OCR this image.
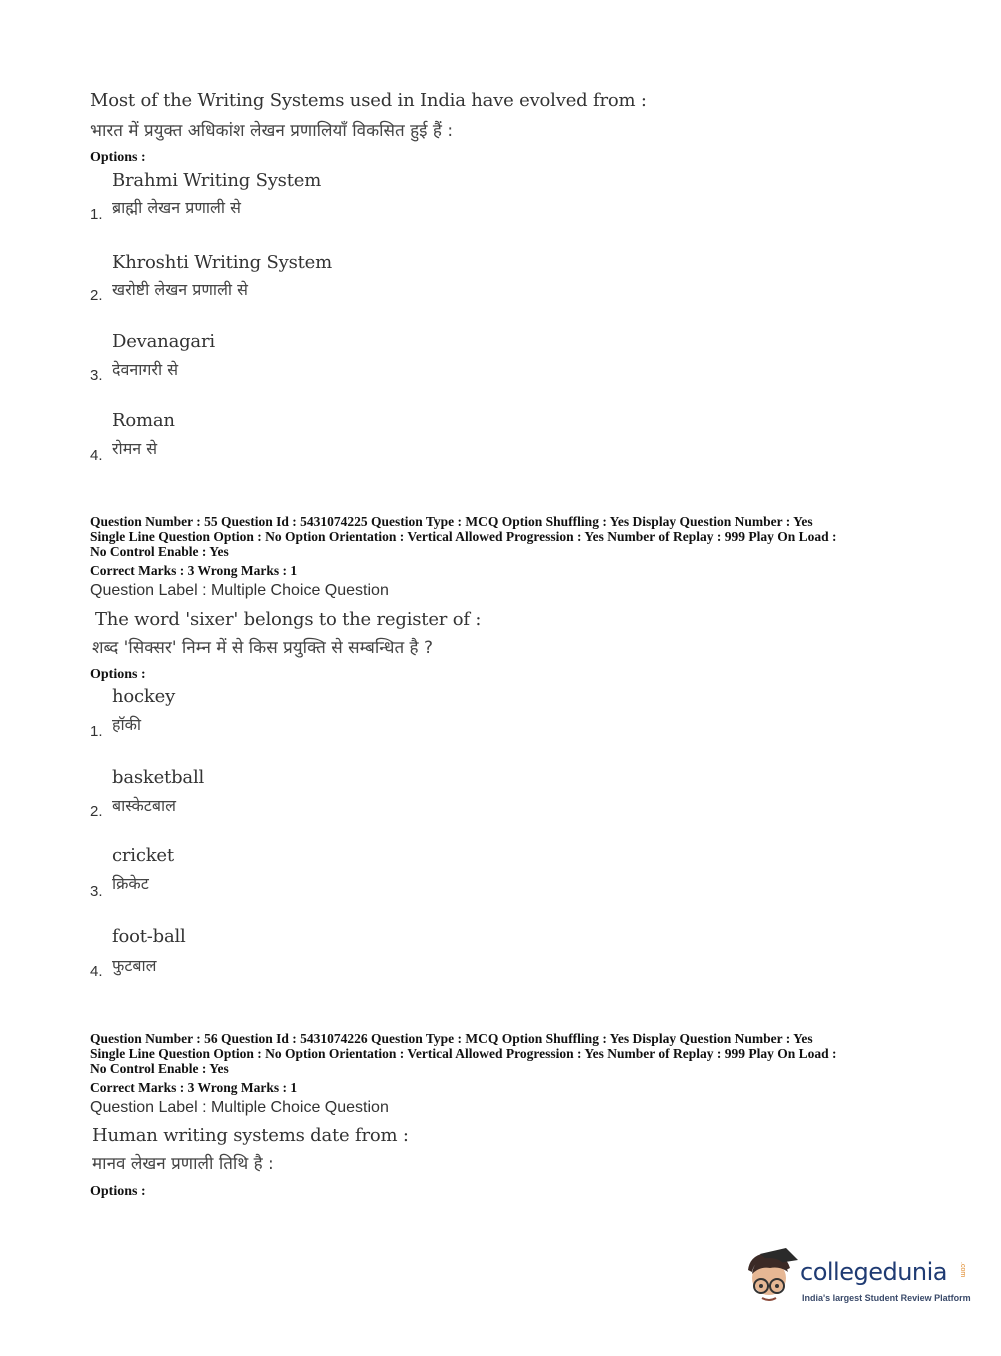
Most of the Writing Systems used in India have evolved from :
भारत में प्रयुक्त अधिकांश लेखन प्रणालियाँ विकसित हुई हैं :
Options :
Brahmi Writing System
1. ब्राह्मी लेखन प्रणाली से
Khroshti Writing System
2. खरोष्टी लेखन प्रणाली से
Devanagari
3. देवनागरी से
Roman
4. रोमन से
Question Number : 55 Question Id : 5431074225 Question Type : MCQ Option Shuffling : Yes Display Question Number : Yes
Single Line Question Option : No Option Orientation : Vertical Allowed Progression : Yes Number of Replay : 999 Play On Load :
No Control Enable : Yes
Correct Marks : 3 Wrong Marks : 1
Question Label : Multiple Choice Question
The word 'sixer' belongs to the register of :
शब्द 'सिक्सर' निम्न में से किस प्रयुक्ति से सम्बन्धित है ?
Options :
hockey
1. हॉकी
basketball
2. बास्केटबाल
cricket
3. क्रिकेट
foot-ball
4. फुटबाल
Question Number : 56 Question Id : 5431074226 Question Type : MCQ Option Shuffling : Yes Display Question Number : Yes
Single Line Question Option : No Option Orientation : Vertical Allowed Progression : Yes Number of Replay : 999 Play On Load :
No Control Enable : Yes
Correct Marks : 3 Wrong Marks : 1
Question Label : Multiple Choice Question
Human writing systems date from :
मानव लेखन प्रणाली तिथि है :
Options :
collegedunia .com
India's largest Student Review Platform
